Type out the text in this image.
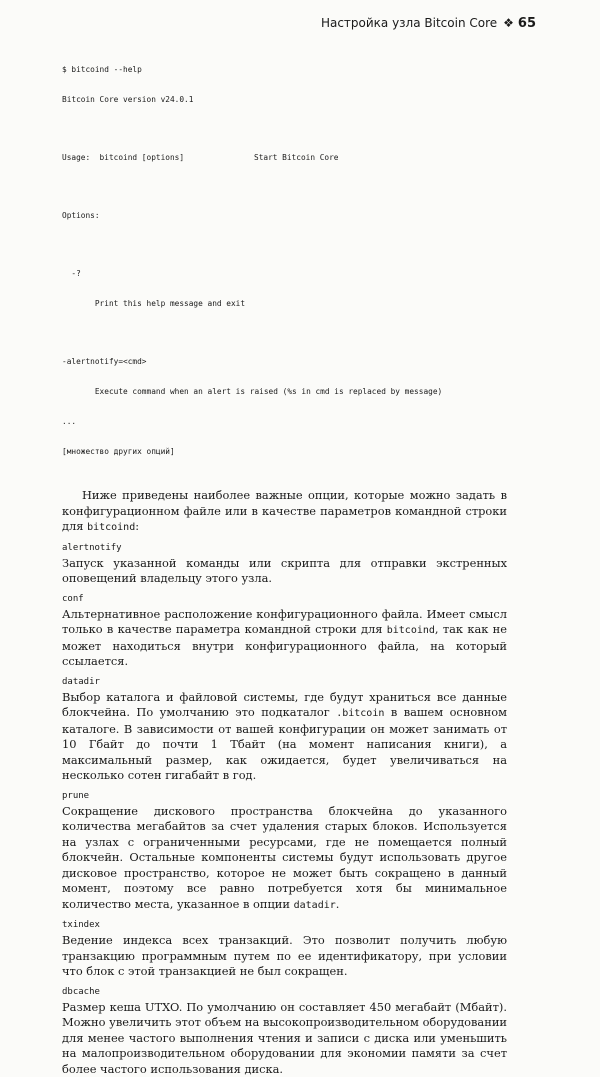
Настройка узла Bitcoin Core ❖ 65

$ bitcoind --help

Bitcoin Core version v24.0.1

Usage:  bitcoind [options]	Start Bitcoin Core

Options:

-?

Print this help message and exit

-alertnotify=<cmd>

Execute command when an alert is raised (%s in cmd is replaced by message)

...

[множество других опций]

Ниже приведены наиболее важные опции, которые можно задать в конфигурационном файле или в качестве параметров командной строки для bitcoind:
alertnotify
Запуск указанной команды или скрипта для отправки экстренных оповещений владельцу этого узла.
conf
Альтернативное расположение конфигурационного файла. Имеет смысл только в качестве параметра командной строки для bitcoind, так как не может находиться внутри конфигурационного файла, на который ссылается.
datadir
Выбор каталога и файловой системы, где будут храниться все данные блокчейна. По умолчанию это подкаталог .bitcoin в вашем основном каталоге. В зависимости от вашей конфигурации он может занимать от 10 Гбайт до почти 1 Тбайт (на момент написания книги), а максимальный размер, как ожидается, будет увеличиваться на несколько сотен гигабайт в год.
prune
Сокращение дискового пространства блокчейна до указанного количества мегабайтов за счет удаления старых блоков. Используется на узлах с ограниченными ресурсами, где не помещается полный блокчейн. Остальные компоненты системы будут использовать другое дисковое пространство, которое не может быть сокращено в данный момент, поэтому все равно потребуется хотя бы минимальное количество места, указанное в опции datadir.
txindex
Ведение индекса всех транзакций. Это позволит получить любую транзакцию программным путем по ее идентификатору, при условии что блок с этой транзакцией не был сокращен.
dbcache
Размер кеша UTXO. По умолчанию он составляет 450 мегабайт (Мбайт). Можно увеличить этот объем на высокопроизводительном оборудовании для менее частого выполнения чтения и записи с диска или уменьшить на малопроизводительном оборудовании для экономии памяти за счет более частого использования диска.
